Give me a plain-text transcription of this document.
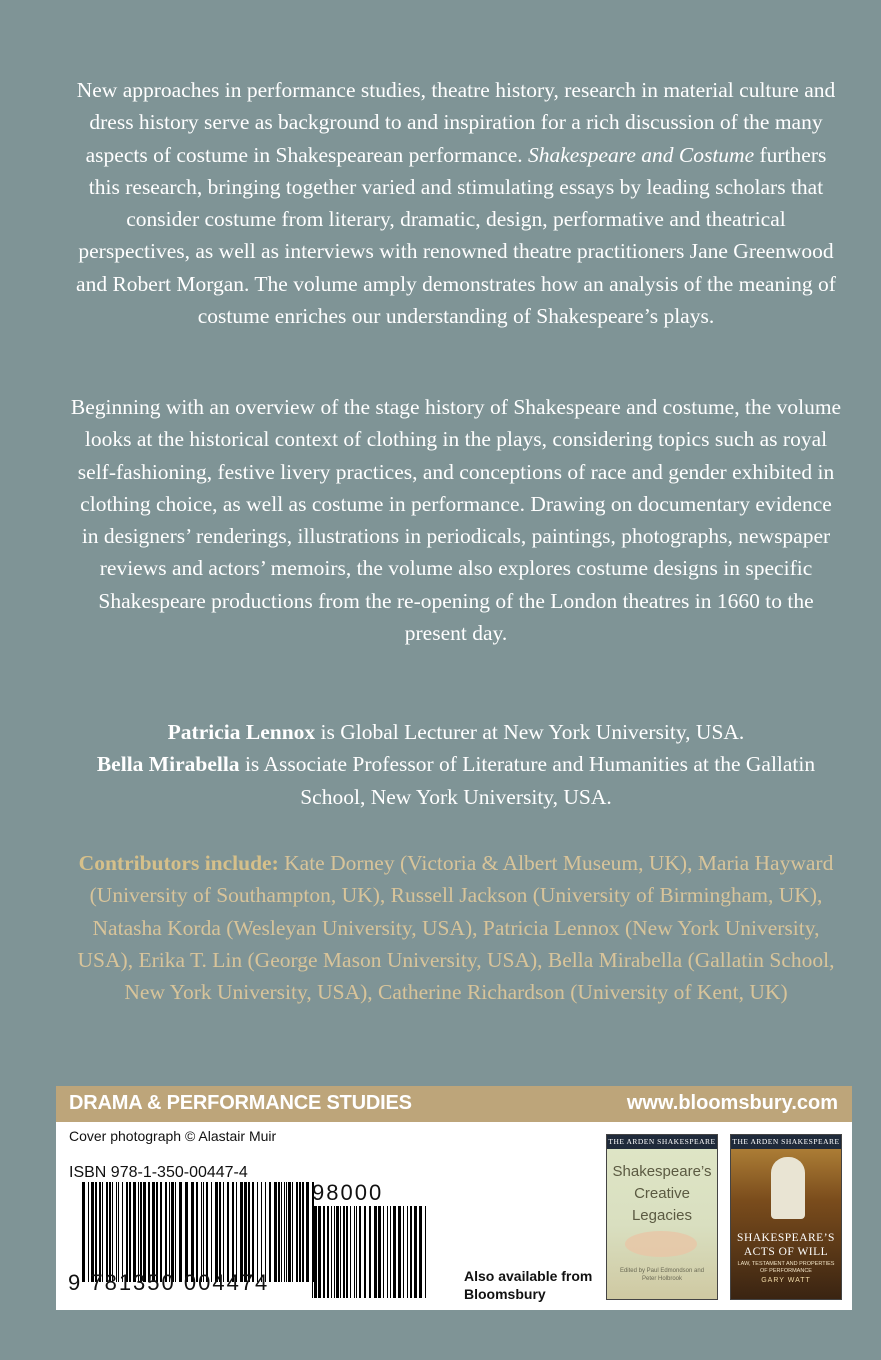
New approaches in performance studies, theatre history, research in material culture and dress history serve as background to and inspiration for a rich discussion of the many aspects of costume in Shakespearean performance. Shakespeare and Costume furthers this research, bringing together varied and stimulating essays by leading scholars that consider costume from literary, dramatic, design, performative and theatrical perspectives, as well as interviews with renowned theatre practitioners Jane Greenwood and Robert Morgan. The volume amply demonstrates how an analysis of the meaning of costume enriches our understanding of Shakespeare’s plays.

Beginning with an overview of the stage history of Shakespeare and costume, the volume looks at the historical context of clothing in the plays, considering topics such as royal self-fashioning, festive livery practices, and conceptions of race and gender exhibited in clothing choice, as well as costume in performance. Drawing on documentary evidence in designers’ renderings, illustrations in periodicals, paintings, photographs, newspaper reviews and actors’ memoirs, the volume also explores costume designs in specific Shakespeare productions from the re-opening of the London theatres in 1660 to the present day.

Patricia Lennox is Global Lecturer at New York University, USA.
Bella Mirabella is Associate Professor of Literature and Humanities at the Gallatin School, New York University, USA.

Contributors include: Kate Dorney (Victoria & Albert Museum, UK), Maria Hayward (University of Southampton, UK), Russell Jackson (University of Birmingham, UK), Natasha Korda (Wesleyan University, USA), Patricia Lennox (New York University, USA), Erika T. Lin (George Mason University, USA), Bella Mirabella (Gallatin School, New York University, USA), Catherine Richardson (University of Kent, UK)

DRAMA & PERFORMANCE STUDIES	www.bloomsbury.com
Cover photograph © Alastair Muir
ISBN 978-1-350-00447-4
9 781350 004474
98000
Also available from Bloomsbury
THE ARDEN SHAKESPEARE
Shakespeare’s Creative Legacies
Edited by Paul Edmondson and Peter Holbrook
THE ARDEN SHAKESPEARE
SHAKESPEARE’S ACTS OF WILL
LAW, TESTAMENT AND PROPERTIES OF PERFORMANCE
GARY WATT
